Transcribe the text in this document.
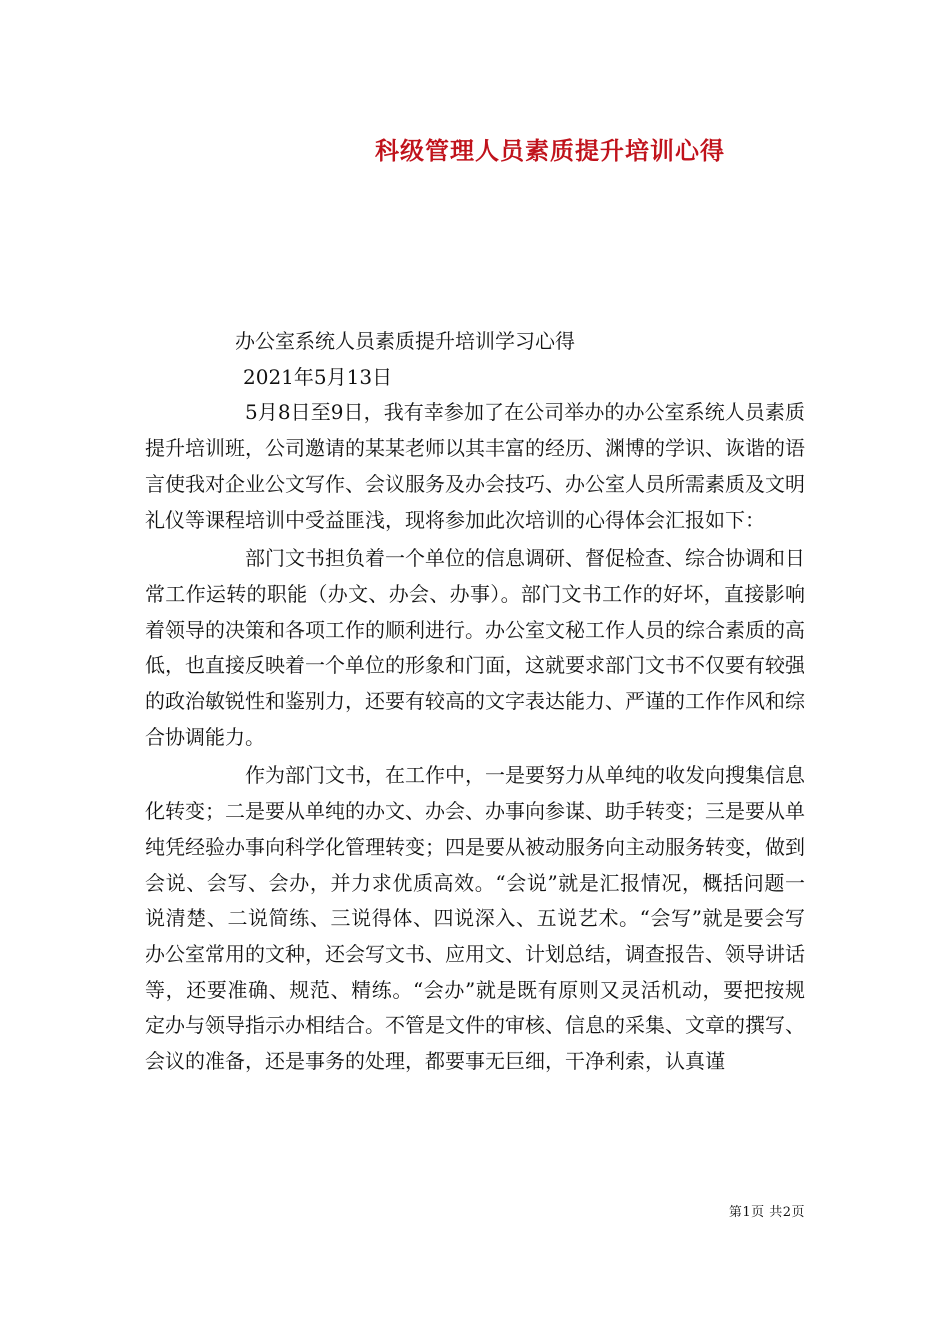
科级管理人员素质提升培训心得
办公室系统人员素质提升培训学习心得
2021年5月13日

5月8日至9日，我有幸参加了在公司举办的办公室系统人员素质提升培训班，公司邀请的某某老师以其丰富的经历、渊博的学识、诙谐的语言使我对企业公文写作、会议服务及办会技巧、办公室人员所需素质及文明礼仪等课程培训中受益匪浅，现将参加此次培训的心得体会汇报如下：

部门文书担负着一个单位的信息调研、督促检查、综合协调和日常工作运转的职能（办文、办会、办事）。部门文书工作的好坏，直接影响着领导的决策和各项工作的顺利进行。办公室文秘工作人员的综合素质的高低，也直接反映着一个单位的形象和门面，这就要求部门文书不仅要有较强的政治敏锐性和鉴别力，还要有较高的文字表达能力、严谨的工作作风和综合协调能力。

作为部门文书，在工作中，一是要努力从单纯的收发向搜集信息化转变；二是要从单纯的办文、办会、办事向参谋、助手转变；三是要从单纯凭经验办事向科学化管理转变；四是要从被动服务向主动服务转变，做到会说、会写、会办，并力求优质高效。“会说”就是汇报情况，概括问题一说清楚、二说简练、三说得体、四说深入、五说艺术。“会写”就是要会写办公室常用的文种，还会写文书、应用文、计划总结，调查报告、领导讲话等，还要准确、规范、精练。“会办”就是既有原则又灵活机动，要把按规定办与领导指示办相结合。不管是文件的审核、信息的采集、文章的撰写、会议的准备，还是事务的处理，都要事无巨细，干净利索，认真谨

第1页 共2页
